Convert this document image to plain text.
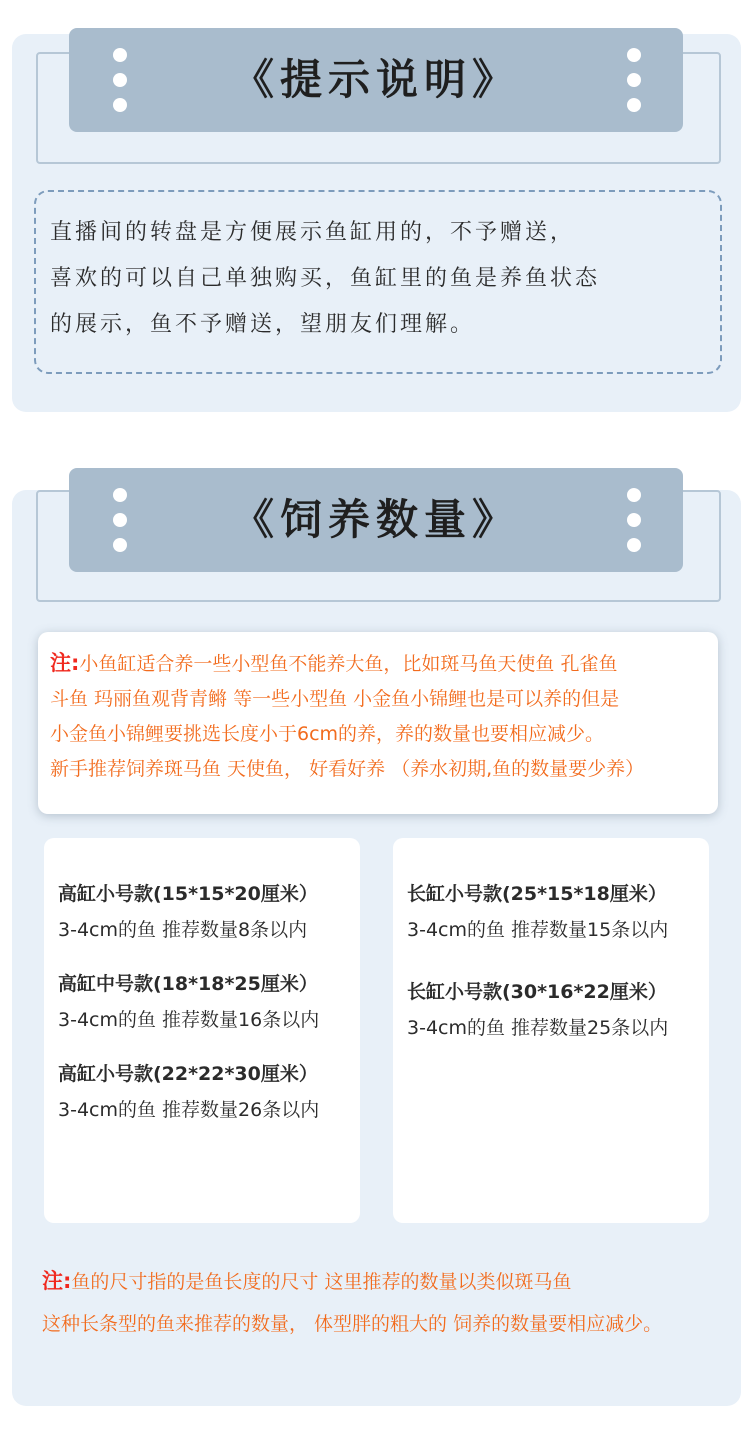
《提示说明》

直播间的转盘是方便展示鱼缸用的，不予赠送，

喜欢的可以自己单独购买，鱼缸里的鱼是养鱼状态

的展示，鱼不予赠送，望朋友们理解。

《饲养数量》

注:小鱼缸适合养一些小型鱼不能养大鱼，比如斑马鱼天使鱼 孔雀鱼

斗鱼 玛丽鱼观背青鳉 等一些小型鱼 小金鱼小锦鲤也是可以养的但是

小金鱼小锦鲤要挑选长度小于6cm的养，养的数量也要相应减少。

新手推荐饲养斑马鱼 天使鱼， 好看好养 （养水初期,鱼的数量要少养）

高缸小号款(15*15*20厘米）
3-4cm的鱼 推荐数量8条以内
高缸中号款(18*18*25厘米）
3-4cm的鱼 推荐数量16条以内
高缸小号款(22*22*30厘米）
3-4cm的鱼 推荐数量26条以内
长缸小号款(25*15*18厘米）
3-4cm的鱼 推荐数量15条以内
长缸小号款(30*16*22厘米）
3-4cm的鱼 推荐数量25条以内

注:鱼的尺寸指的是鱼长度的尺寸 这里推荐的数量以类似斑马鱼

这种长条型的鱼来推荐的数量， 体型胖的粗大的 饲养的数量要相应减少。
